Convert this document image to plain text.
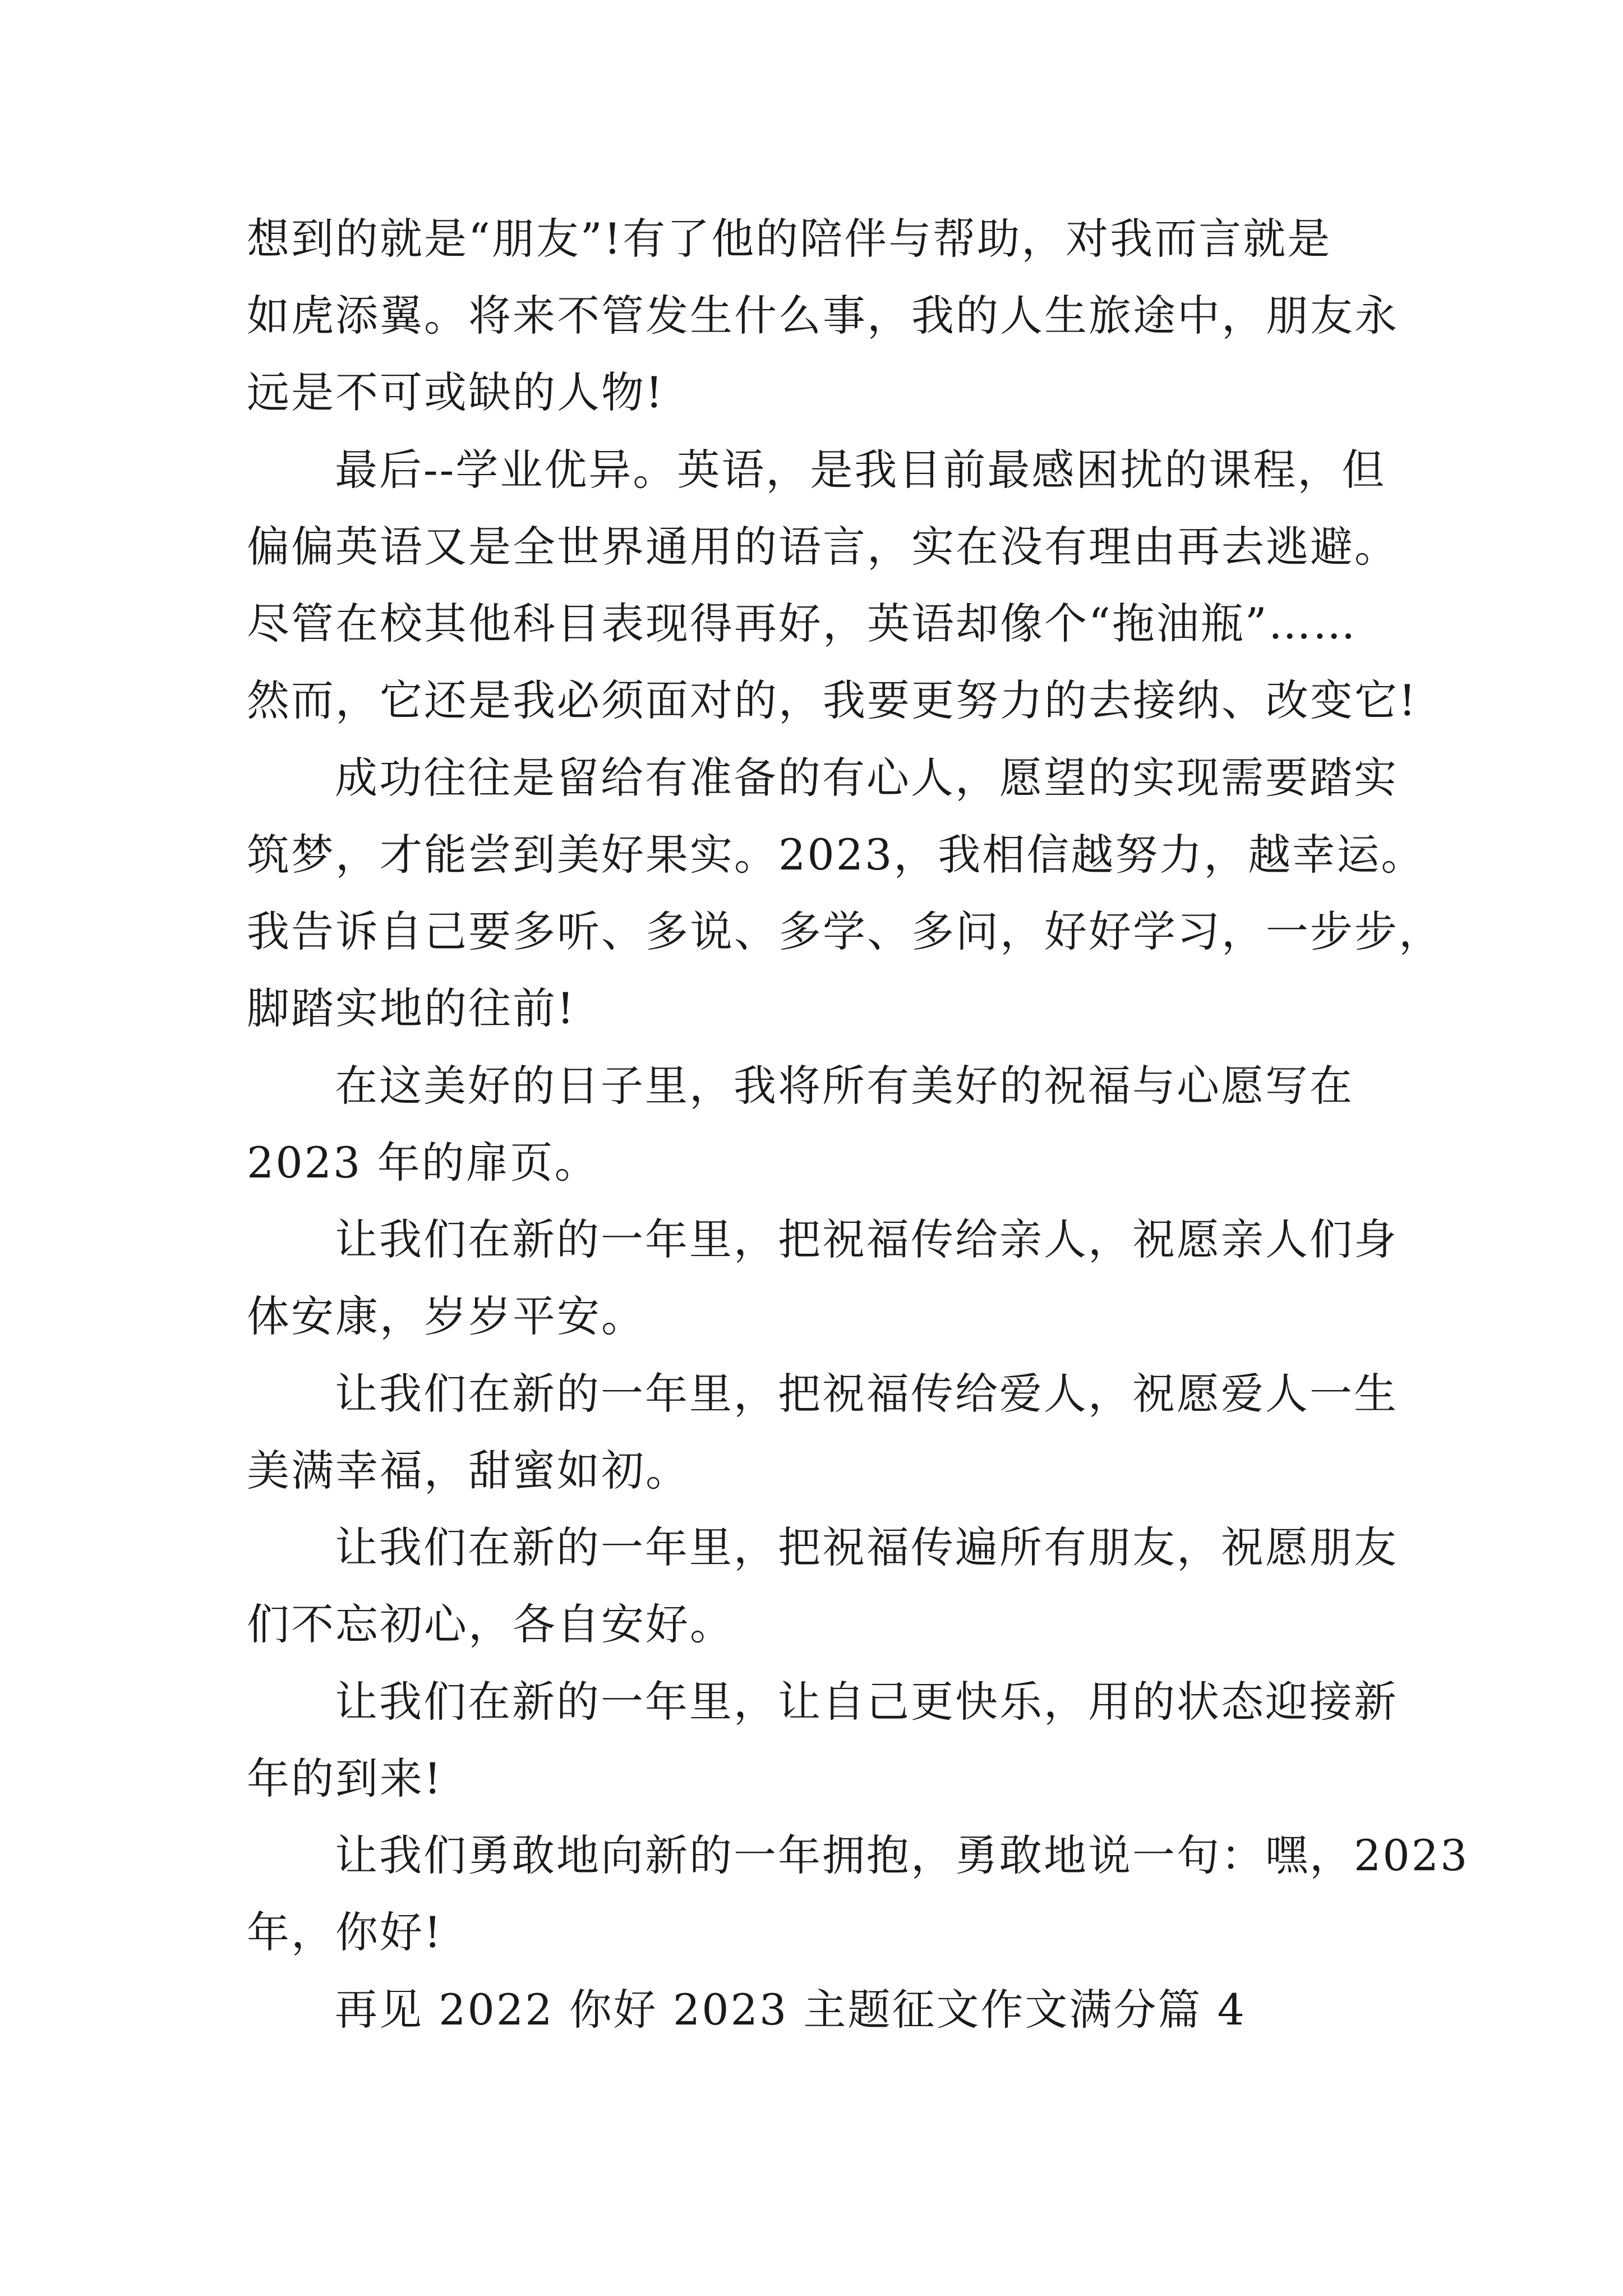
想到的就是“朋友”!有了他的陪伴与帮助，对我而言就是

如虎添翼。将来不管发生什么事，我的人生旅途中，朋友永

远是不可或缺的人物!

最后--学业优异。英语，是我目前最感困扰的课程，但

偏偏英语又是全世界通用的语言，实在没有理由再去逃避。

尽管在校其他科目表现得再好，英语却像个“拖油瓶”……

然而，它还是我必须面对的，我要更努力的去接纳、改变它!

成功往往是留给有准备的有心人，愿望的实现需要踏实

筑梦，才能尝到美好果实。2023，我相信越努力，越幸运。

我告诉自己要多听、多说、多学、多问，好好学习，一步步，

脚踏实地的往前!

在这美好的日子里，我将所有美好的祝福与心愿写在

2023 年的扉页。

让我们在新的一年里，把祝福传给亲人，祝愿亲人们身

体安康，岁岁平安。

让我们在新的一年里，把祝福传给爱人，祝愿爱人一生

美满幸福，甜蜜如初。

让我们在新的一年里，把祝福传遍所有朋友，祝愿朋友

们不忘初心，各自安好。

让我们在新的一年里，让自己更快乐，用的状态迎接新

年的到来!

让我们勇敢地向新的一年拥抱，勇敢地说一句：嘿，2023

年，你好!

再见 2022 你好 2023 主题征文作文满分篇 4
